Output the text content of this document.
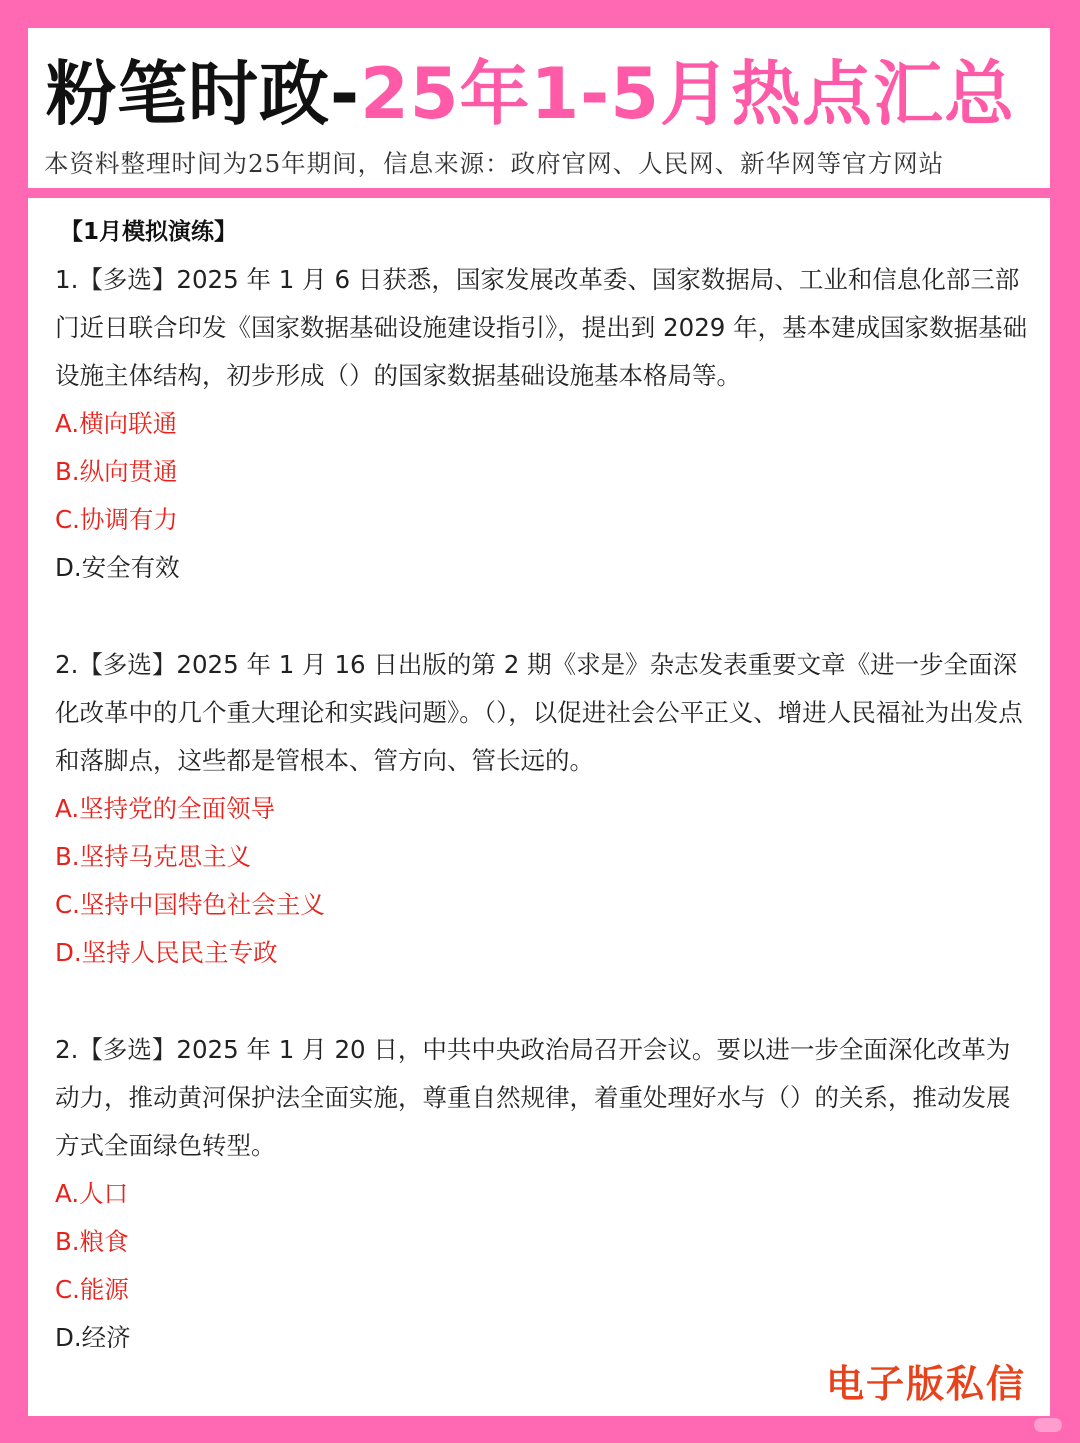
粉笔时政-25年1-5月热点汇总
本资料整理时间为25年期间，信息来源：政府官网、人民网、新华网等官方网站
【1月模拟演练】

1.【多选】2025 年 1 月 6 日获悉，国家发展改革委、国家数据局、工业和信息化部三部门近日联合印发《国家数据基础设施建设指引》，提出到 2029 年，基本建成国家数据基础设施主体结构，初步形成（）的国家数据基础设施基本格局等。

A.横向联通
B.纵向贯通
C.协调有力
D.安全有效

2.【多选】2025 年 1 月 16 日出版的第 2 期《求是》杂志发表重要文章《进一步全面深化改革中的几个重大理论和实践问题》。（），以促进社会公平正义、增进人民福祉为出发点和落脚点，这些都是管根本、管方向、管长远的。

A.坚持党的全面领导
B.坚持马克思主义
C.坚持中国特色社会主义
D.坚持人民民主专政

2.【多选】2025 年 1 月 20 日，中共中央政治局召开会议。要以进一步全面深化改革为动力，推动黄河保护法全面实施，尊重自然规律，着重处理好水与（）的关系，推动发展方式全面绿色转型。

A.人口
B.粮食
C.能源
D.经济
电子版私信
